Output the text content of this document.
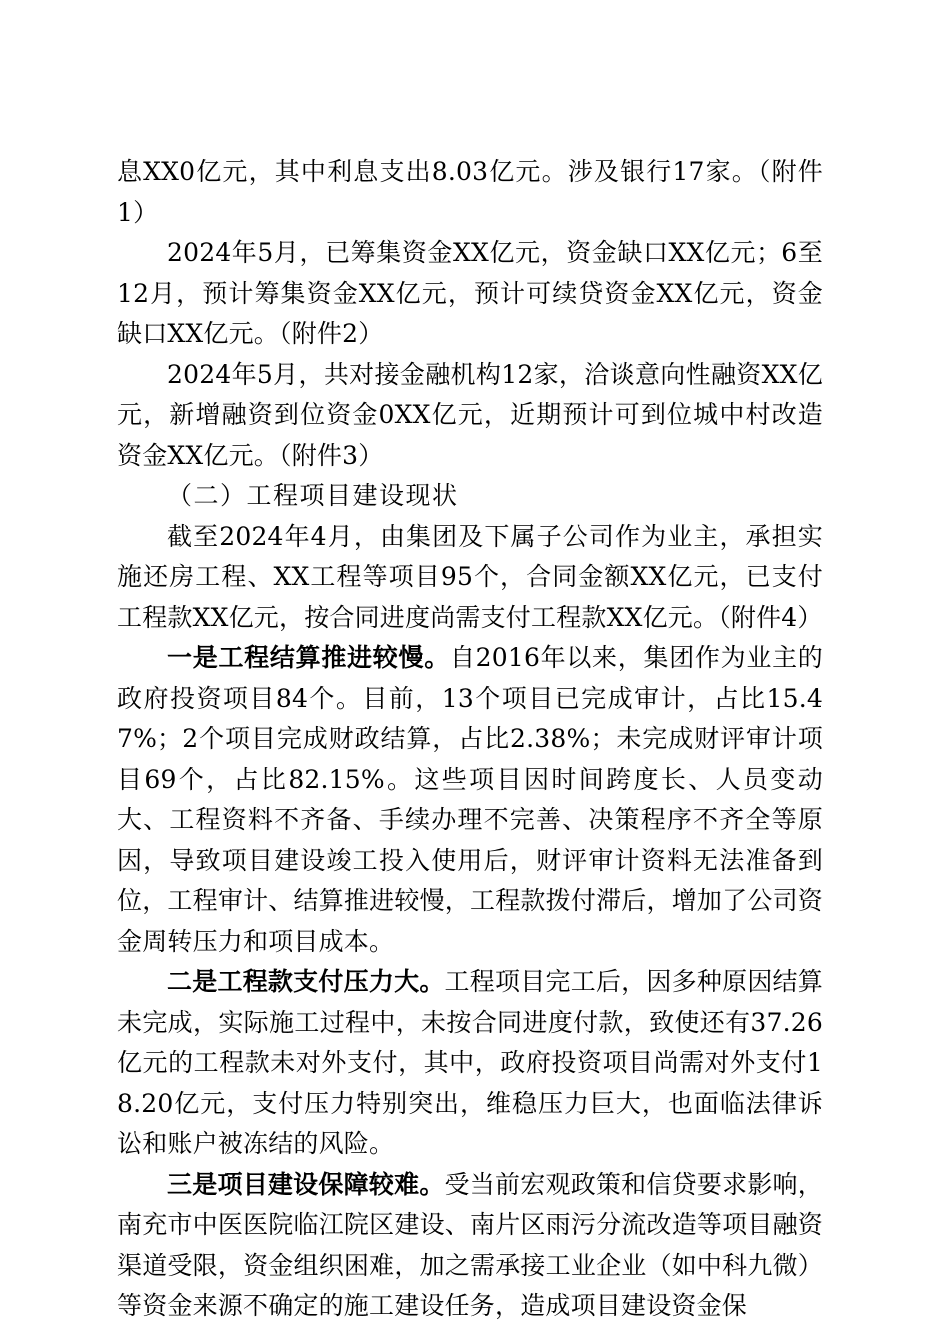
息XX0亿元，其中利息支出8.03亿元。涉及银行17家。（附件1）

2024年5月，已筹集资金XX亿元，资金缺口XX亿元；6至12月，预计筹集资金XX亿元，预计可续贷资金XX亿元，资金缺口XX亿元。（附件2）

2024年5月，共对接金融机构12家，洽谈意向性融资XX亿元，新增融资到位资金0XX亿元，近期预计可到位城中村改造资金XX亿元。（附件3）

（二）工程项目建设现状

截至2024年4月，由集团及下属子公司作为业主，承担实施还房工程、XX工程等项目95个，合同金额XX亿元，已支付工程款XX亿元，按合同进度尚需支付工程款XX亿元。（附件4）

一是工程结算推进较慢。自2016年以来，集团作为业主的政府投资项目84个。目前，13个项目已完成审计，占比15.47%；2个项目完成财政结算，占比2.38%；未完成财评审计项目69个，占比82.15%。这些项目因时间跨度长、人员变动大、工程资料不齐备、手续办理不完善、决策程序不齐全等原因，导致项目建设竣工投入使用后，财评审计资料无法准备到位，工程审计、结算推进较慢，工程款拨付滞后，增加了公司资金周转压力和项目成本。

二是工程款支付压力大。工程项目完工后，因多种原因结算未完成，实际施工过程中，未按合同进度付款，致使还有37.26亿元的工程款未对外支付，其中，政府投资项目尚需对外支付18.20亿元，支付压力特别突出，维稳压力巨大，也面临法律诉讼和账户被冻结的风险。

三是项目建设保障较难。受当前宏观政策和信贷要求影响，南充市中医医院临江院区建设、南片区雨污分流改造等项目融资渠道受限，资金组织困难，加之需承接工业企业（如中科九微）等资金来源不确定的施工建设任务，造成项目建设资金保
